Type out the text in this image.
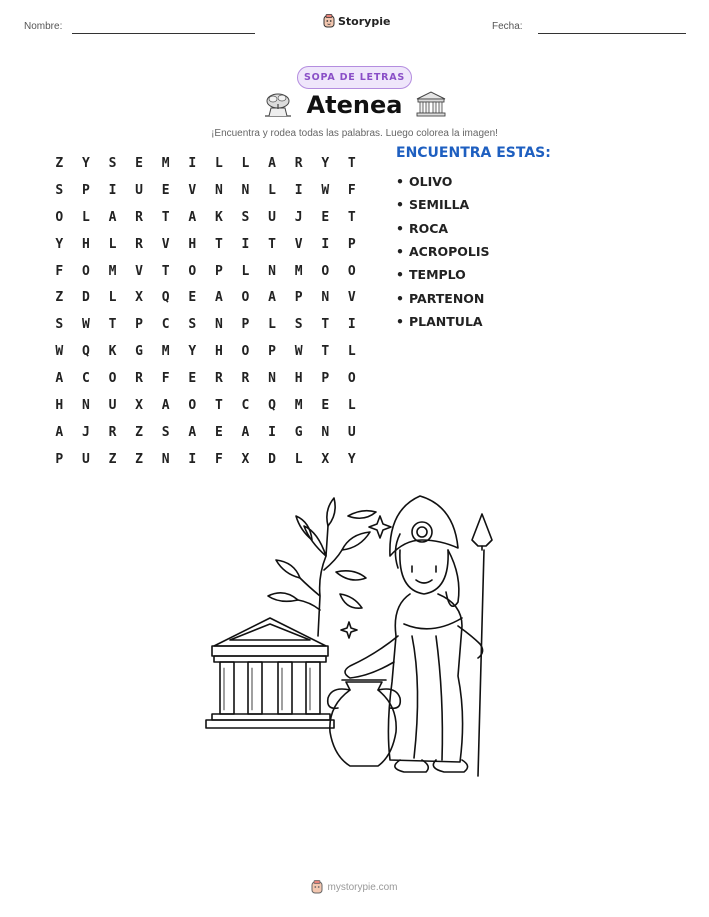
Nombre:	Storypie	Fecha:
SOPA DE LETRAS
Atenea
¡Encuentra y rodea todas las palabras. Luego colorea la imagen!
Z	Y	S	E	M	I	L	L	A	R	Y	T
S	P	I	U	E	V	N	N	L	I	W	F
O	L	A	R	T	A	K	S	U	J	E	T
Y	H	L	R	V	H	T	I	T	V	I	P
F	O	M	V	T	O	P	L	N	M	O	O
Z	D	L	X	Q	E	A	O	A	P	N	V
S	W	T	P	C	S	N	P	L	S	T	I
W	Q	K	G	M	Y	H	O	P	W	T	L
A	C	O	R	F	E	R	R	N	H	P	O
H	N	U	X	A	O	T	C	Q	M	E	L
A	J	R	Z	S	A	E	A	I	G	N	U
P	U	Z	Z	N	I	F	X	D	L	X	Y
ENCUENTRA ESTAS:
• OLIVO
• SEMILLA
• ROCA
• ACROPOLIS
• TEMPLO
• PARTENON
• PLANTULA
mystorypie.com
